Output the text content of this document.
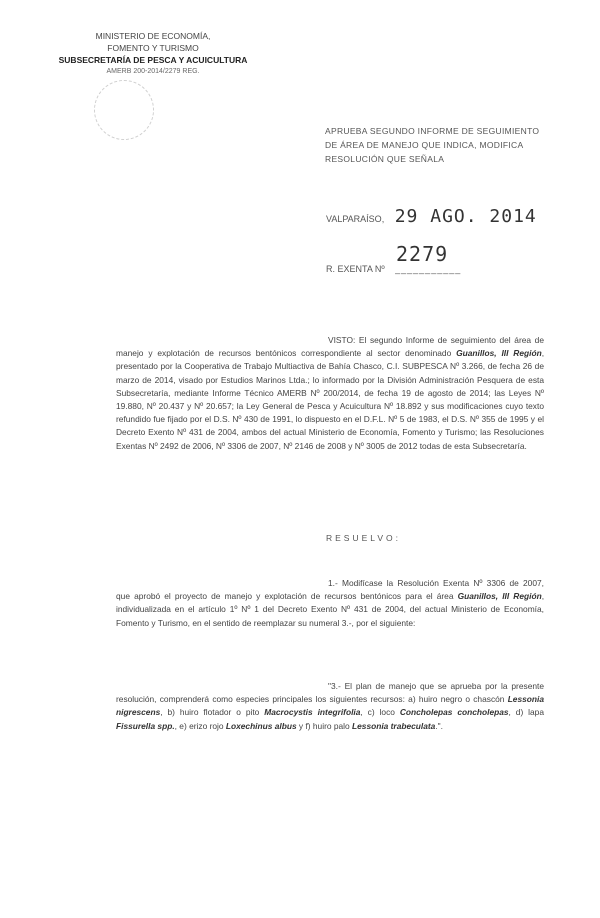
MINISTERIO DE ECONOMÍA,
FOMENTO Y TURISMO
SUBSECRETARÍA DE PESCA Y ACUICULTURA
AMERB 200-2014/2279 REG.
APRUEBA SEGUNDO INFORME DE SEGUIMIENTO DE ÁREA DE MANEJO QUE INDICA, MODIFICA RESOLUCIÓN QUE SEÑALA
VALPARAÍSO, 29 AGO. 2014
R. EXENTA Nº ___________
2279
VISTO: El segundo Informe de seguimiento del área de manejo y explotación de recursos bentónicos correspondiente al sector denominado Guanillos, III Región, presentado por la Cooperativa de Trabajo Multiactiva de Bahía Chasco, C.I. SUBPESCA Nº 3.266, de fecha 26 de marzo de 2014, visado por Estudios Marinos Ltda.; lo informado por la División Administración Pesquera de esta Subsecretaría, mediante Informe Técnico AMERB Nº 200/2014, de fecha 19 de agosto de 2014; las Leyes Nº 19.880, Nº 20.437 y Nº 20.657; la Ley General de Pesca y Acuicultura Nº 18.892 y sus modificaciones cuyo texto refundido fue fijado por el D.S. Nº 430 de 1991, lo dispuesto en el D.F.L. Nº 5 de 1983, el D.S. Nº 355 de 1995 y el Decreto Exento Nº 431 de 2004, ambos del actual Ministerio de Economía, Fomento y Turismo; las Resoluciones Exentas Nº 2492 de 2006, Nº 3306 de 2007, Nº 2146 de 2008 y Nº 3005 de 2012 todas de esta Subsecretaría.
RESUELVO:
1.- Modifícase la Resolución Exenta Nº 3306 de 2007, que aprobó el proyecto de manejo y explotación de recursos bentónicos para el área Guanillos, III Región, individualizada en el artículo 1º Nº 1 del Decreto Exento Nº 431 de 2004, del actual Ministerio de Economía, Fomento y Turismo, en el sentido de reemplazar su numeral 3.-, por el siguiente:
"3.- El plan de manejo que se aprueba por la presente resolución, comprenderá como especies principales los siguientes recursos: a) huiro negro o chascón Lessonia nigrescens, b) huiro flotador o pito Macrocystis integrifolia, c) loco Concholepas concholepas, d) lapa Fissurella spp., e) erizo rojo Loxechinus albus y f) huiro palo Lessonia trabeculata.".
